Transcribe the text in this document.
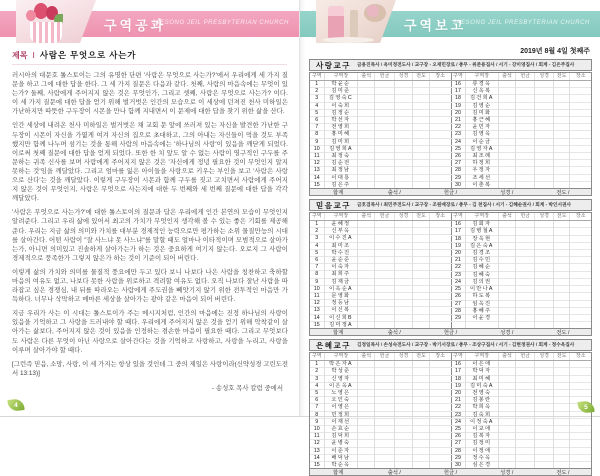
구역공과
JAESONG JEIL PRESBYTERIAN CHURCH
제목 Ⅰ 사람은 무엇으로 사는가
러시아의 대문호 톨스토이는 그의 유명한 단편 '사람은 무엇으로 사는가?'에서 우리에게 세 가지 질문을 하고 그에 대한 답을 한다. 그 세 가지 질문은 다음과 같다. 첫째, 사람의 마음속에는 무엇이 있는가? 둘째, 사람에게 주어지지 않은 것은 무엇인가, 그리고 셋째, 사람은 무엇으로 사는가? 이다. 이 세 가지 질문에 대한 답을 얻기 위해 벌거벗은 인간의 모습으로 이 세상에 던져진 천사 미하일은 가난하지만 따뜻한 구두장이 시몬을 만나 함께 지내면서 이 문제에 대한 답을 찾기 위한 삶을 산다.
인간 세상에 내려온 천사 미하일은 벌거벗은 채 교회 문 앞에 쓰러져 있는 자신을 발견한 가난한 구두장이 시몬이 자신을 가엾게 여겨 자신의 집으로 초대하고, 그의 아내는 자신들이 먹을 것도 부족했지만 함께 나누며 섬기는 것을 통해 사람의 마음속에는 '하나님의 사랑'이 있음을 깨닫게 되었다. 이로써 첫째 질문에 대한 답을 얻게 되었다. 또한 한 치 앞도 알 수 없는 사람이 영구적인 구두를 주문하는 귀족 신사를 보며 사람에게 주어지지 않은 것은 '자신에게 정녕 필요한 것이 무엇인지 알지 못하는 것'임을 깨달았다. 그리고 엄마를 잃은 아이들을 사랑으로 키우는 부인을 보고 '사람은 사랑으로 산다'는 것을 깨달았다. 이렇게 구두장이 시몬과 함께 구두를 짓고 고치면서 사람에게 주어지지 않은 것이 무엇인지, 사람은 무엇으로 사는지에 대한 두 번째와 세 번째 질문에 대한 답을 각각 깨달았다.
'사람은 무엇으로 사는가?'에 대한 톨스토이의 질문과 답은 우리에게 인간 본연의 모습이 무엇인지 알려준다. 그리고 우리 삶에 있어서 최고의 가치가 무엇인지 생각해 볼 수 있는 좋은 기회를 제공해 준다. 우리는 지금 삶의 의미와 가치를 대부분 경제적인 능력으로만 평가하는 소위 물질만능의 시대를 살아간다. 어떤 사람이 "잘 사느냐 못 사느냐"를 말할 때도 얼마나 이타적이며 모범적으로 살아가는가, 아니면 의미있고 진솔하게 살아가는가 하는 것은 중요하게 여기지 않는다. 오로지 그 사람이 경제적으로 풍족한가 그렇지 않은가 하는 것이 기준이 되어 버린다.
이렇게 삶의 가치와 의미를 물질적 풍요에만 두고 있다 보니 나보다 나은 사람을 칭찬하고 축하할 마음의 여유도 없고, 나보다 못한 사람을 위로하고 격려할 여유도 없다. 오직 나보다 잘난 사람을 따라잡고 싶은 경쟁심, 내 뒤를 따라오는 사람에게 주도권을 빼앗기지 않기 위한 전투적인 마음만 가득하다. 너무나 삭막하고 메마른 세상을 살아가는 광야 같은 마음이 되어 버린다.
지금 우리가 사는 이 시대는 톨스토이가 주는 메시지처럼, 인간의 마음에는 진정 하나님의 사랑이 있음을 기억하고 그 사랑을 드러내야 할 때다. 우리에게 주어지지 않은 것을 얻기 위해 악착같이 살아가는 삶보다, 주어지지 않은 것이 있음을 인정하는 겸손한 마음이 필요한 때다. 그리고 무엇보다도 사람은 다른 무엇이 아닌 사랑으로 살아간다는 것을 기억하고 사랑하고, 사랑을 누리고, 사랑을 이루며 살아가야 할 때다.
[그런즉 믿음, 소망, 사랑, 이 세 가지는 항상 있을 것인데 그 중의 제일은 사랑이라(신약성경 고린도전서 13:13)]
- 송성호 목사 칼럼 중에서
4
구역보고
JAESONG JEIL PRESBYTERIAN CHURCH
2019년 8월 4일 첫째주
사랑교구 금용진목사 / 옥미정전도사 / 교구장 - 오재민장로 / 총무 - 위준용집사 / 서기 - 강미영집사 / 회계 - 김은주집사
구역	구역장	출석	헌금	성경	전도	장소
1	박윤순					
2	김미준					
3	김영숙C					
4	이숙희					
5	김정순					
6	박선자					
7	전영희					
8	홍미혜					
9	김미희					
10	김영희A					
11	최정숙					
12	김순전					
13	최정남					
14	이대룡					
15	김은주					
구역	구역장	출석	헌금	성경	전도	장소
16	류경옥					
17	신옥복					
18	김건희A					
19	김영순					
20	김미화					
21	홍근혜					
22	윤민자					
23	김영옥					
24	이순금					
25	김영자A					
26	최조례					
27	하정희					
28	우정자					
29	조세선					
30	이춘복					
합계	출석 /	헌금 /	성경 /	전도 /
믿음교구 금호겸목사 / 최민주전도사 / 교구장 - 조원배장로 / 총무 - 김 천집사 / 서기 - 김혜순권사 / 회계 - 박인서권사
구역	구역장	출석	헌금	성경	전도	장소
1	윤혜정					
2	신부옥					
3	이수진A					
4	최미조					
5	박수진					
6	윤순준					
7	이숙자					
8	최희주					
9	김재금					
10	이옥순A					
11	문영화					
12	정등남					
13	이신복					
14	이신희B					
15	김미정A					
구역	구역장	출석	헌금	성경	전도	장소
16	김회자					
17	김병철A					
18	장옥현					
19	김은숙A					
20	김경조					
21	김수민					
22	김혜순					
23	김혜숙					
24	김의권					
25	이만나A					
26	하도복					
27	임옥진					
28	홍혜주					
29	이윤경					

합계	출석 /	헌금 /	성경 /	전도 /
은혜교구 김정일목사 / 손성숙전도사 / 교구장 - 박기서장로 / 총무 - 조상구집사 / 서기 - 김현정권사 / 회계 - 정수옥집사
구역	구역장	출석	헌금	성경	전도	장소
1	박은자A					
2	박성준					
3	신영자					
4	이은옥A					
5	노영은					
6	오인숙					
7	이영은					
8	민정희					
9	이재선					
10	손효순					
11	김덕희					
12	윤병숙					
13	이준자					
14	배덕남					
15	박순옥					
구역	구역장	출석	헌금	성경	전도	장소
16	이은애					
17	박덕자					
18	최미혜					
19	김미숙A					
20	전영숙					
21	김봉란					
22	박희옥					
23	김숙희					
24	이정숙A					
25	이교애					
26	김복자					
27	김정미					
28	이정애					
29	정수옥					
30	심은경					
합계	출석 /	헌금 /	성경 /	전도 /
5
